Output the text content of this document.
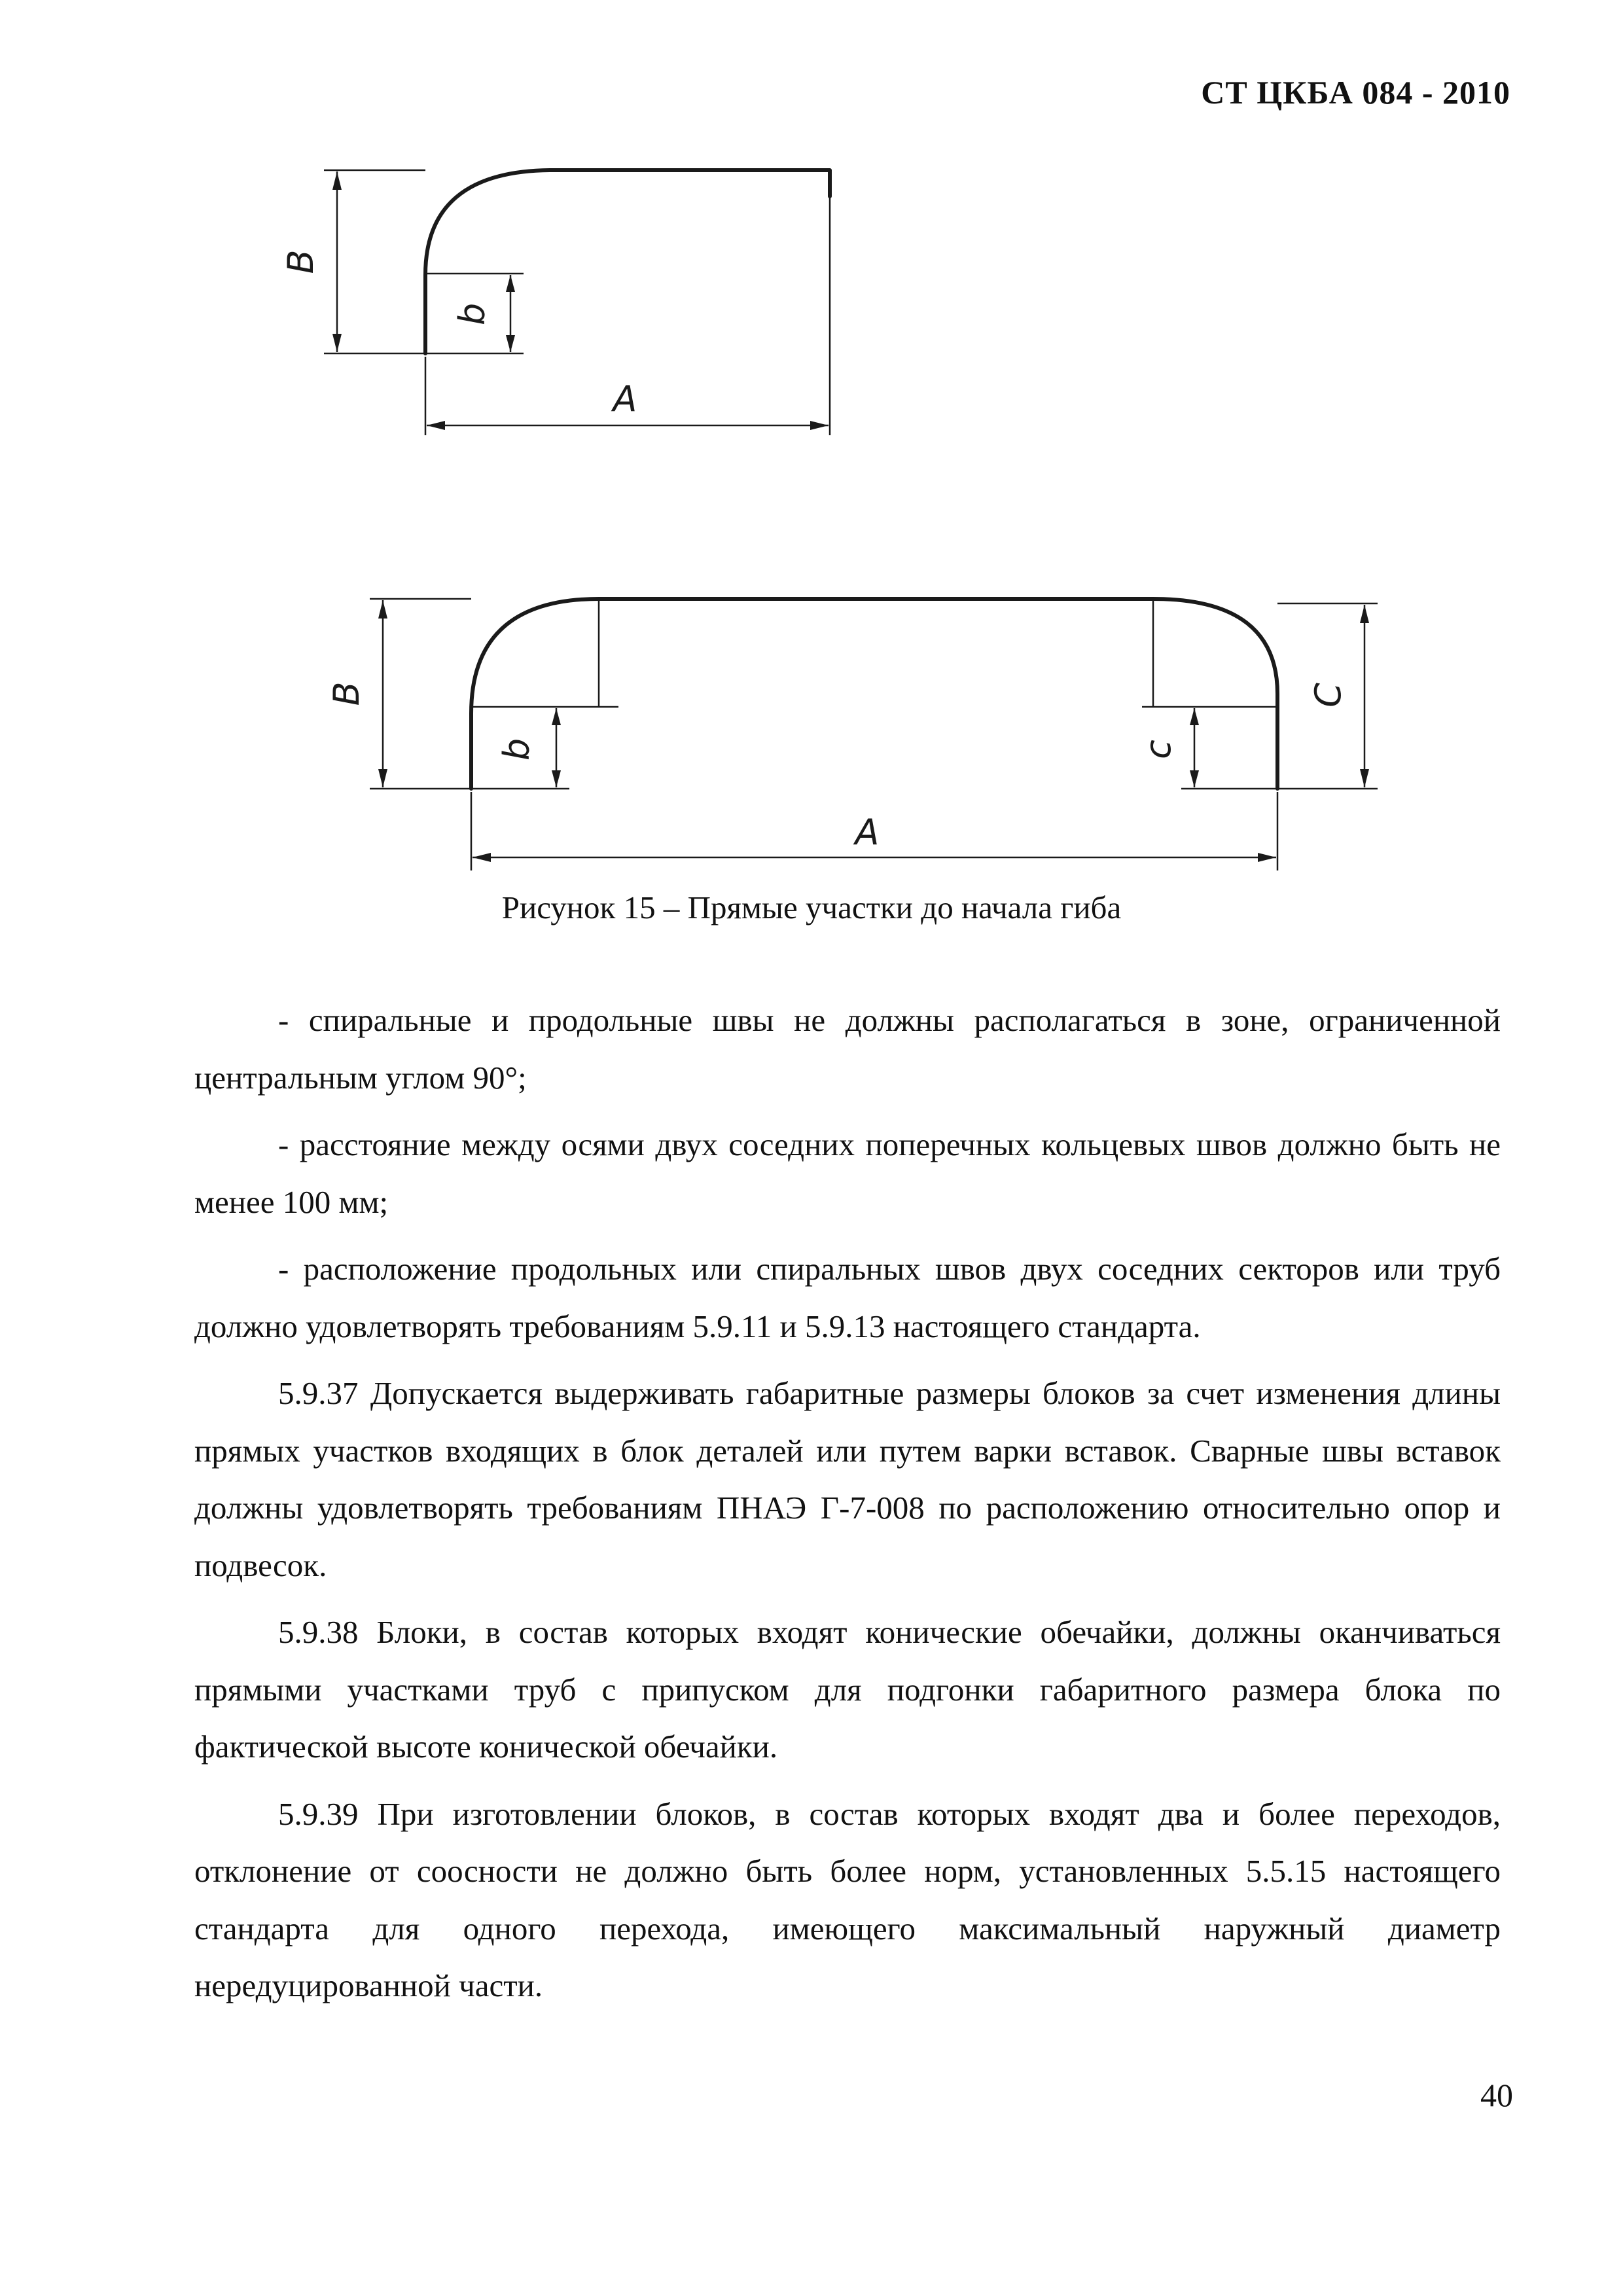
СТ ЦКБА 084 - 2010
B
b
A
B
b	c
C
A
Рисунок 15 – Прямые участки до начала гиба

- спиральные и продольные швы не должны располагаться в зоне, ограниченной центральным углом 90°;

- расстояние между осями двух соседних поперечных кольцевых швов должно быть не менее 100 мм;

- расположение продольных или спиральных швов двух соседних секторов или труб должно удовлетворять требованиям 5.9.11 и 5.9.13 настоящего стандарта.

5.9.37 Допускается выдерживать габаритные размеры блоков за счет изменения длины прямых участков входящих в блок деталей или путем варки вставок. Сварные швы вставок должны удовлетворять требованиям ПНАЭ Г-7-008 по расположению относительно опор и подвесок.

5.9.38 Блоки, в состав которых входят конические обечайки, должны оканчиваться прямыми участками труб с припуском для подгонки габаритного размера блока по фактической высоте конической обечайки.

5.9.39 При изготовлении блоков, в состав которых входят два и более переходов, отклонение от соосности не должно быть более норм, установленных 5.5.15 настоящего стандарта для одного перехода, имеющего максимальный наружный диаметр нередуцированной части.

40
